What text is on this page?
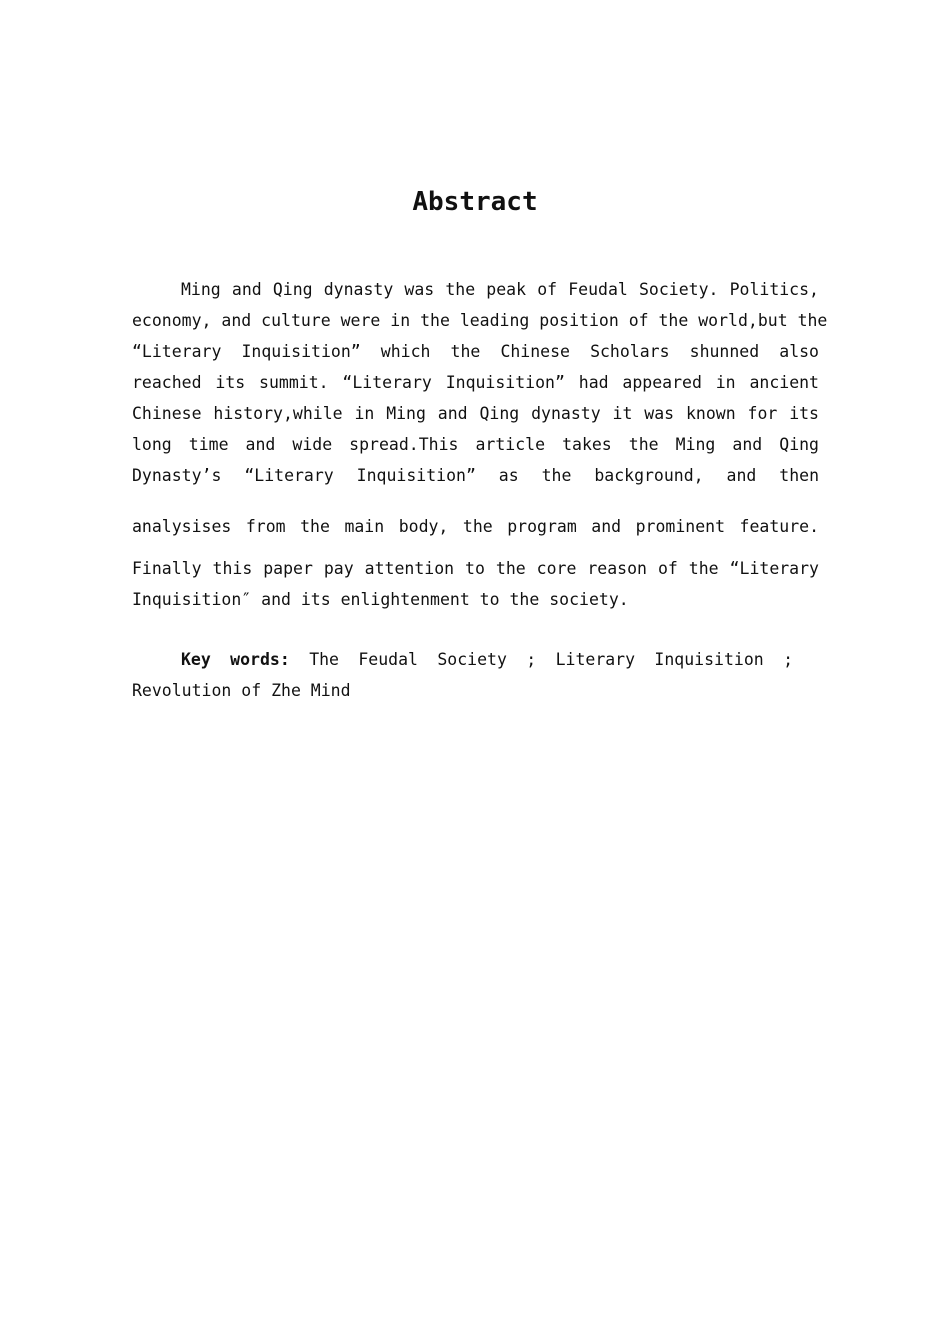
Abstract
Ming and Qing dynasty was the peak of Feudal Society. Politics,
economy, and culture were in the leading position of the world,but the
“Literary Inquisition” which the Chinese Scholars shunned also
reached its summit. “Literary Inquisition” had appeared in ancient
Chinese history,while in Ming and Qing dynasty it was known for its
long time and wide spread.This article takes the Ming and Qing
Dynasty’s “Literary Inquisition” as the background, and then
analysises from the main body, the program and prominent feature.
Finally this paper pay attention to the core reason of the “Literary
Inquisition″ and its enlightenment to the society.
Key words: The Feudal Society ; Literary Inquisition ;
Revolution of Zhe Mind
